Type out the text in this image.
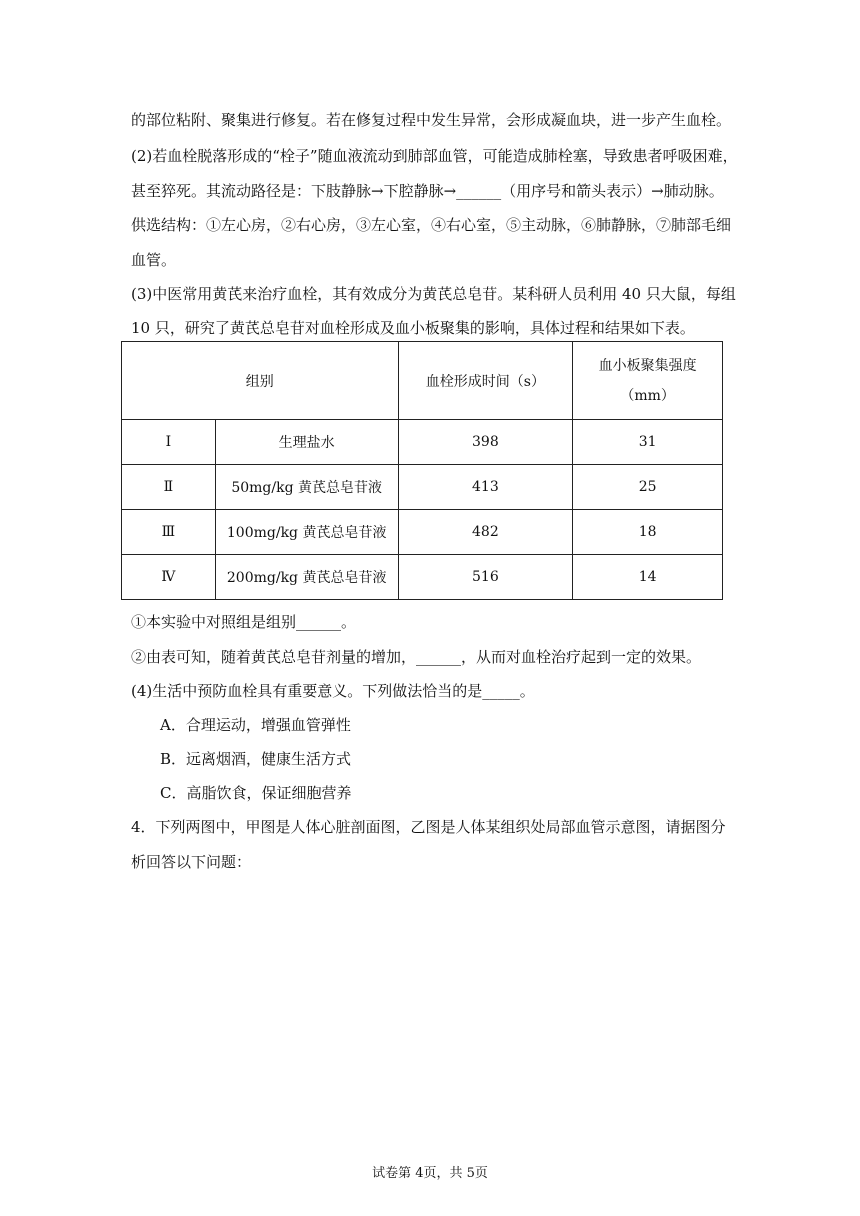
的部位粘附、聚集进行修复。若在修复过程中发生异常，会形成凝血块，进一步产生血栓。
(2)若血栓脱落形成的“栓子”随血液流动到肺部血管，可能造成肺栓塞，导致患者呼吸困难，
甚至猝死。其流动路径是：下肢静脉→下腔静脉→______（用序号和箭头表示）→肺动脉。
供选结构：①左心房，②右心房，③左心室，④右心室，⑤主动脉，⑥肺静脉，⑦肺部毛细
血管。
(3)中医常用黄芪来治疗血栓，其有效成分为黄芪总皂苷。某科研人员利用 40 只大鼠，每组
10 只，研究了黄芪总皂苷对血栓形成及血小板聚集的影响，具体过程和结果如下表。
组别		血栓形成时间（s）	血小板聚集强度
（mm）

Ⅰ	生理盐水	398	31
Ⅱ	50mg/kg 黄芪总皂苷液	413	25
Ⅲ	100mg/kg 黄芪总皂苷液	482	18
Ⅳ	200mg/kg 黄芪总皂苷液	516	14
①本实验中对照组是组别______。
②由表可知，随着黄芪总皂苷剂量的增加，______，从而对血栓治疗起到一定的效果。
(4)生活中预防血栓具有重要意义。下列做法恰当的是_____。
A．合理运动，增强血管弹性
B．远离烟酒，健康生活方式
C．高脂饮食，保证细胞营养
4．下列两图中，甲图是人体心脏剖面图，乙图是人体某组织处局部血管示意图，请据图分
析回答以下问题：
试卷第 4页，共 5页
